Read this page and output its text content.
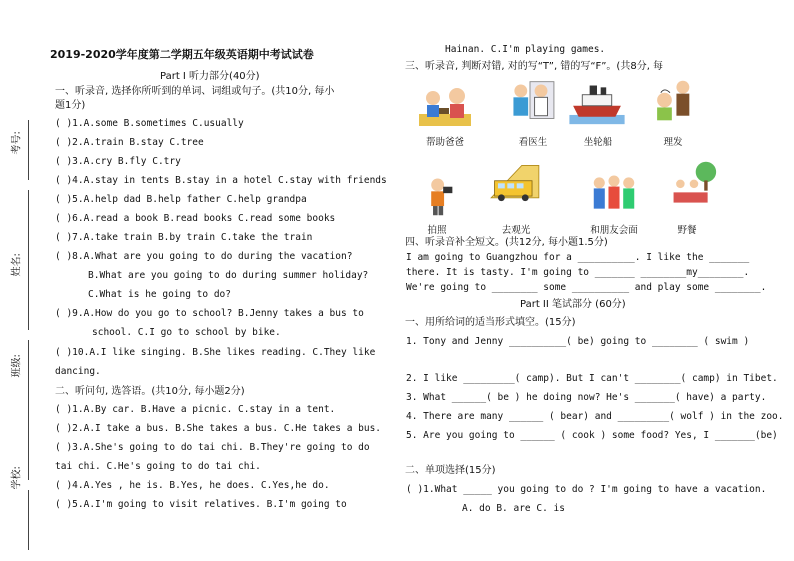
考号:
姓名:
班级:
学校:
2019-2020学年度第二学期五年级英语期中考试试卷
Part I 听力部分(40分)
一、听录音, 选择你所听到的单词、词组或句子。(共10分, 每小
题1分)
( )1.A.some B.sometimes C.usually
( )2.A.train B.stay C.tree
( )3.A.cry B.fly C.try
( )4.A.stay in tents B.stay in a hotel C.stay with friends
( )5.A.help dad B.help father C.help grandpa
( )6.A.read a book B.read books C.read some books
( )7.A.take train B.by train C.take the train
( )8.A.What are you going to do during the vacation?
B.What are you going to do during summer holiday?
C.What is he going to do?
( )9.A.How do you go to school? B.Jenny takes a bus to
school. C.I go to school by bike.
( )10.A.I like singing. B.She likes reading. C.They like
dancing.
二、听问句, 选答语。(共10分, 每小题2分)
( )1.A.By car. B.Have a picnic. C.stay in a tent.
( )2.A.I take a bus. B.She takes a bus. C.He takes a bus.
( )3.A.She's going to do tai chi. B.They're going to do
tai chi. C.He's going to do tai chi.
( )4.A.Yes , he is. B.Yes, he does. C.Yes,he do.
( )5.A.I'm going to visit relatives. B.I'm going to
Hainan. C.I'm playing games.
三、听录音, 判断对错, 对的写“T”, 错的写“F”。(共8分, 每
帮助爸爸	看医生	坐轮船	理发
拍照	去观光	和朋友会面	野餐
四、听录音补全短文。(共12分, 每小题1.5分)
I am going to Guangzhou for a __________. I like the _______
there. It is tasty. I'm going to _______ ________my________.
We're going to ________ some __________ and play some ________.
Part II 笔试部分 (60分)
一、用所给词的适当形式填空。(15分)
1. Tony and Jenny __________( be) going to ________ ( swim )
2. I like _________( camp). But I can't ________( camp) in Tibet.
3. What ______( be ) he doing now? He's _______( have) a party.
4. There are many ______ ( bear) and _________( wolf ) in the zoo.
5. Are you going to ______ ( cook ) some food? Yes, I _______(be)
二、单项选择(15分)
( )1.What _____ you going to do ? I'm going to have a vacation.
A. do B. are C. is
